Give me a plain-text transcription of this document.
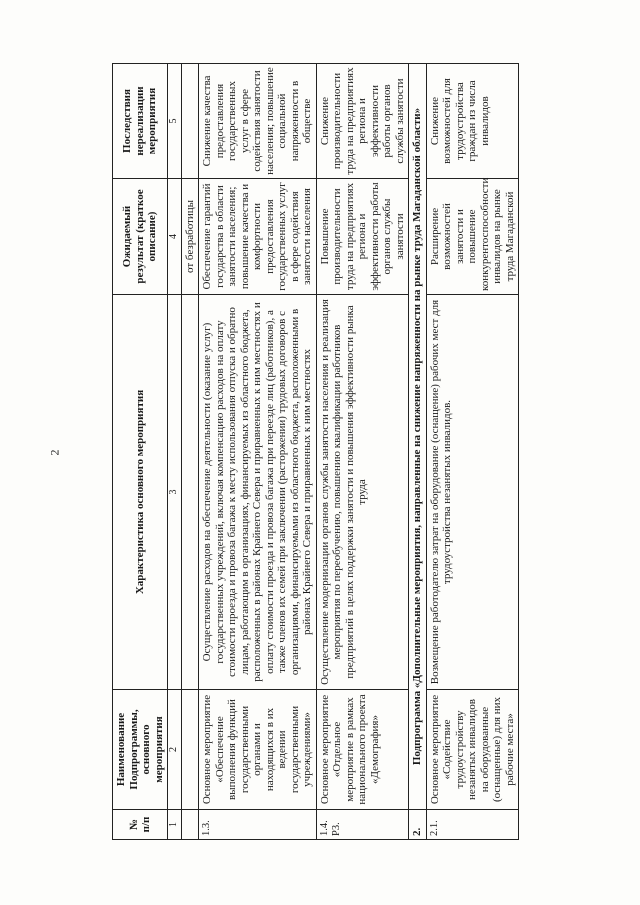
2
№ п/п	Наименование Подпрограммы, основного мероприятия	Характеристика основного мероприятия	Ожидаемый результат (краткое описание)	Последствия нереализации мероприятия
1	2	3	4	5
			от безработицы	
1.3.	Основное мероприятие «Обеспечение выполнения функций государственными органами и находящихся в их ведении государственными учреждениями»	Осуществление расходов на обеспечение деятельности (оказание услуг) государственных учреждений, включая компенсацию расходов на оплату стоимости проезда и провоза багажа к месту использования отпуска и обратно лицам, работающим в организациях, финансируемых из областного бюджета, расположенных в районах Крайнего Севера и приравненных к ним местностях и оплату стоимости проезда и провоза багажа при переезде лиц (работников), а также членов их семей при заключении (расторжении) трудовых договоров с организациями, финансируемыми из областного бюджета, расположенными в районах Крайнего Севера и приравненных к ним местностях	Обеспечение гарантий государства в области занятости населения; повышение качества и комфортности предоставления государственных услуг в сфере содействия занятости населения	Снижение качества предоставления государственных услуг в сфере содействия занятости населения; повышение социальной напряженности в обществе
1.4. Р3.	Основное мероприятие «Отдельное мероприятие в рамках национального проекта «Демография»	Осуществление модернизации органов службы занятости населения и реализация мероприятия по переобучению, повышению квалификации работников предприятий в целях поддержки занятости и повышения эффективности рынка труда	Повышение производительности труда на предприятиях региона и эффективности работы органов службы занятости	Снижение производительности труда на предприятиях региона и эффективности работы органов службы занятости
2.	Подпрограмма «Дополнительные мероприятия, направленные на снижение напряженности на рынке труда Магаданской области»			
2.1.	Основное мероприятие «Содействие трудоустройству незанятых инвалидов на оборудованные (оснащенные) для них рабочие места»	Возмещение работодателю затрат на оборудование (оснащение) рабочих мест для трудоустройства незанятых инвалидов.	Расширение возможностей занятости и повышение конкурентоспособности инвалидов на рынке труда Магаданской	Снижение возможностей для трудоустройства граждан из числа инвалидов
